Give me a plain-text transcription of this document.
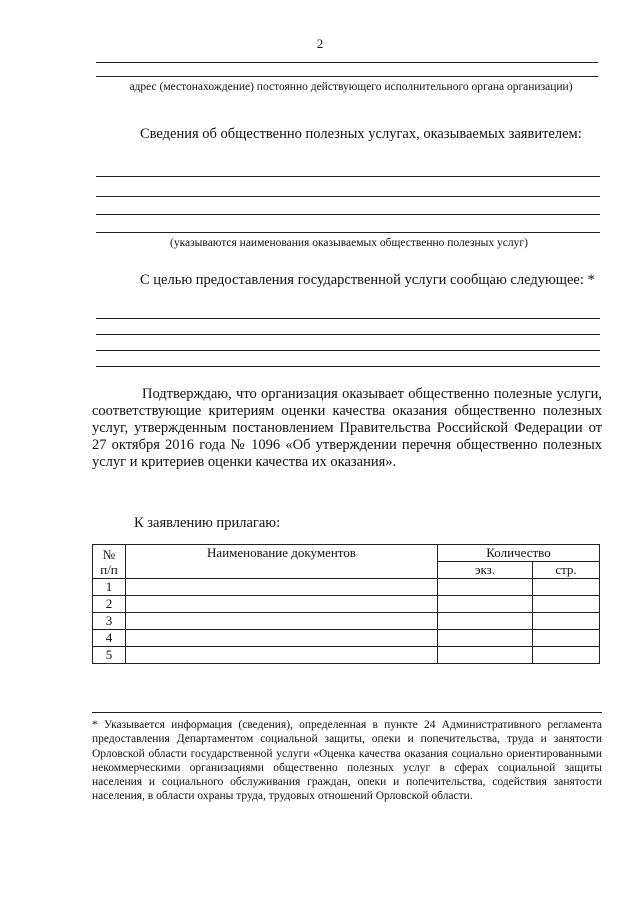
2
адрес (местонахождение) постоянно действующего исполнительного органа организации)
Сведения об общественно полезных услугах, оказываемых заявителем:
(указываются наименования оказываемых общественно полезных услуг)
С целью предоставления государственной услуги сообщаю следующее: *
Подтверждаю, что организация оказывает общественно полезные услуги, соответствующие критериям оценки качества оказания общественно полезных услуг, утвержденным постановлением Правительства Российской Федерации от 27 октября 2016 года № 1096 «Об утверждении перечня общественно полезных услуг и критериев оценки качества их оказания».
К заявлению прилагаю:
№ п/п	Наименование документов	Количество	
		экз.	стр.
1			
2			
3			
4			
5			
* Указывается информация (сведения), определенная в пункте 24 Административного регламента предоставления Департаментом социальной защиты, опеки и попечительства, труда и занятости Орловской области государственной услуги «Оценка качества оказания социально ориентированными некоммерческими организациями общественно полезных услуг в сферах социальной защиты населения и социального обслуживания граждан, опеки и попечительства, содействия занятости населения, в области охраны труда, трудовых отношений Орловской области.
